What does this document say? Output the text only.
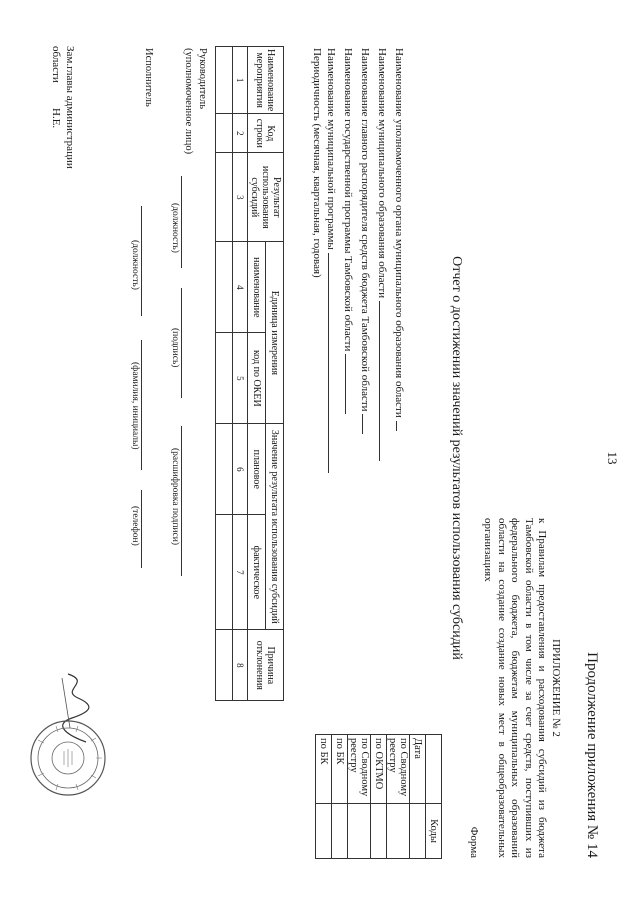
13
Продолжение приложения № 14
ПРИЛОЖЕНИЕ № 2
к Правилам предоставления и расходования субсидий из бюджета Тамбовской области в том числе за счет средств, поступивших из федерального бюджета, бюджетам муниципальных образований области на создание создание новых мест в общеобразовательных организациях
Форма
Отчет о достижении значений результатов использования субсидий
	Коды
Дата	
по Сводному реестру	
по ОКТМО	
по Сводному реестру	
по БК	
по БК	
Наименование уполномоченного органа муниципального образования области
Наименование муниципального образования области
Наименование главного распорядителя средств бюджета Тамбовской области
Наименование государственной программы Тамбовской области
Наименование муниципальной программы
Периодичность (месячная, квартальная, годовая)
Наименование мероприятия	Код строки	Результат использования субсидий	Единица измерения		Значение результата использования субсидий		Причина отклонения
			наименование	код по ОКЕИ	плановое	фактическое	
1	2	3	4	5	6	7	8

Руководитель
(уполномоченное лицо)
(должность)
(подпись)
(расшифровка подписи)
Исполнитель
(должность)
(фамилия, инициалы)
(телефон)
Зам.главы администрации
области
Н.Е.
